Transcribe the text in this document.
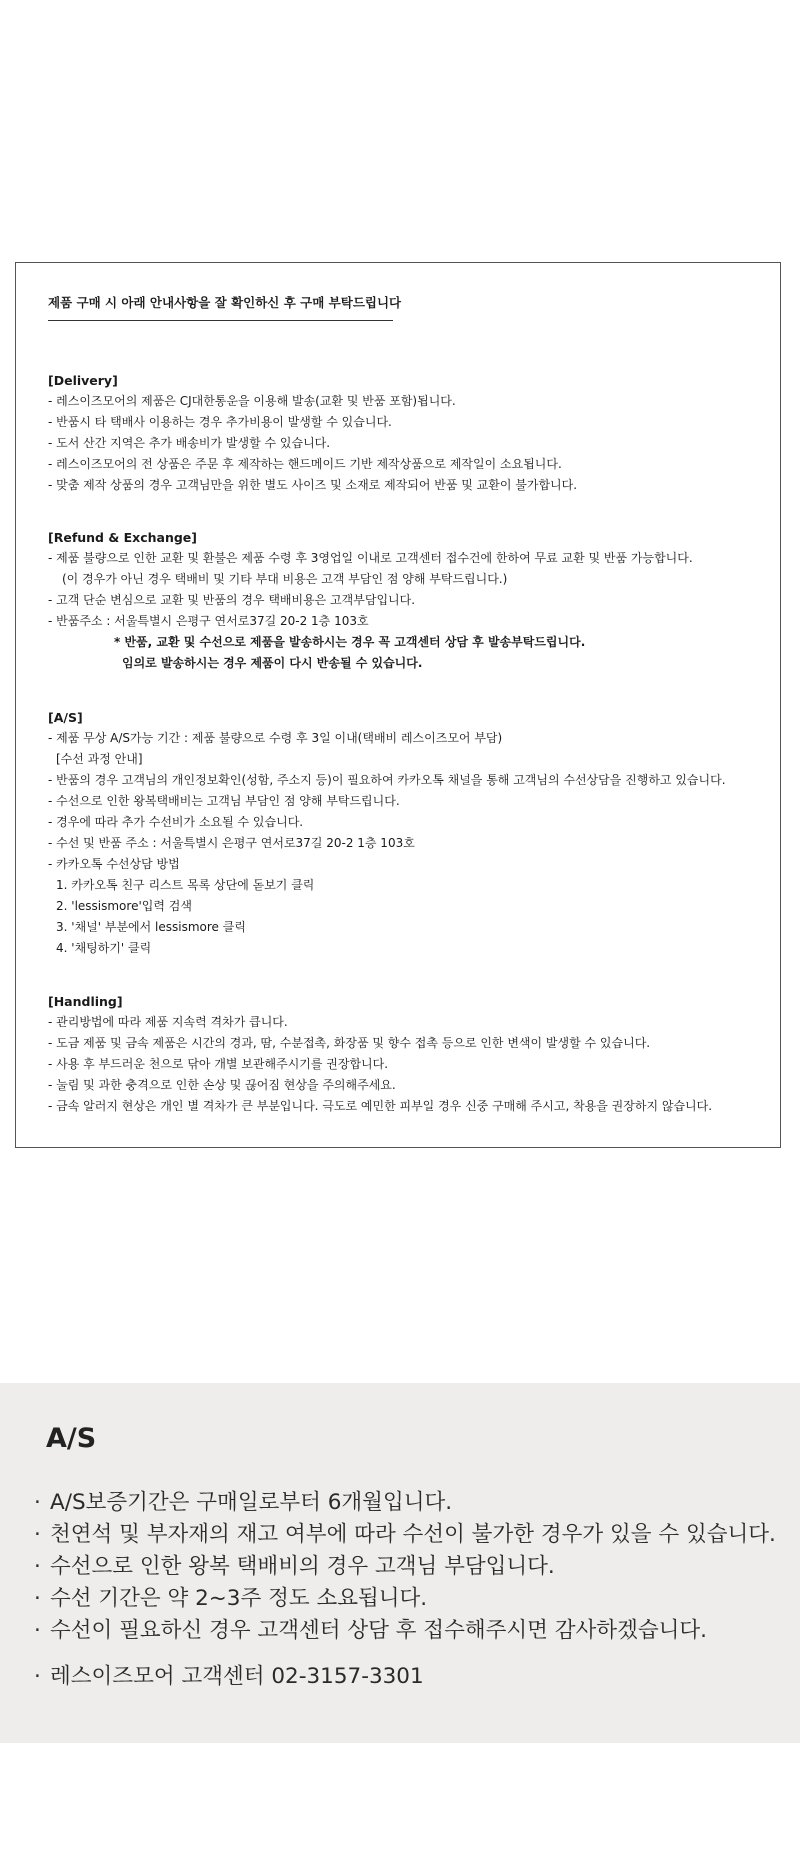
제품 구매 시 아래 안내사항을 잘 확인하신 후 구매 부탁드립니다
[Delivery]
- 레스이즈모어의 제품은 CJ대한통운을 이용해 발송(교환 및 반품 포함)됩니다.
- 반품시 타 택배사 이용하는 경우 추가비용이 발생할 수 있습니다.
- 도서 산간 지역은 추가 배송비가 발생할 수 있습니다.
- 레스이즈모어의 전 상품은 주문 후 제작하는 핸드메이드 기반 제작상품으로 제작일이 소요됩니다.
- 맞춤 제작 상품의 경우 고객님만을 위한 별도 사이즈 및 소재로 제작되어 반품 및 교환이 불가합니다.
[Refund & Exchange]
- 제품 불량으로 인한 교환 및 환불은 제품 수령 후 3영업일 이내로 고객센터 접수건에 한하여 무료 교환 및 반품 가능합니다.
(이 경우가 아닌 경우 택배비 및 기타 부대 비용은 고객 부담인 점 양해 부탁드립니다.)
- 고객 단순 변심으로 교환 및 반품의 경우 택배비용은 고객부담입니다.
- 반품주소 : 서울특별시 은평구 연서로37길 20-2 1층 103호
* 반품, 교환 및 수선으로 제품을 발송하시는 경우 꼭 고객센터 상담 후 발송부탁드립니다.
임의로 발송하시는 경우 제품이 다시 반송될 수 있습니다.
[A/S]
- 제품 무상 A/S가능 기간 : 제품 불량으로 수령 후 3일 이내(택배비 레스이즈모어 부담)
[수선 과정 안내]
- 반품의 경우 고객님의 개인정보확인(성함, 주소지 등)이 필요하여 카카오톡 채널을 통해 고객님의 수선상담을 진행하고 있습니다.
- 수선으로 인한 왕복택배비는 고객님 부담인 점 양해 부탁드립니다.
- 경우에 따라 추가 수선비가 소요될 수 있습니다.
- 수선 및 반품 주소 : 서울특별시 은평구 연서로37길 20-2 1층 103호
- 카카오톡 수선상담 방법
1. 카카오톡 친구 리스트 목록 상단에 돋보기 클릭
2. 'lessismore'입력 검색
3. '채널' 부분에서 lessismore 클릭
4. '채팅하기' 클릭
[Handling]
- 관리방법에 따라 제품 지속력 격차가 큽니다.
- 도금 제품 및 금속 제품은 시간의 경과, 땀, 수분접촉, 화장품 및 향수 접촉 등으로 인한 변색이 발생할 수 있습니다.
- 사용 후 부드러운 천으로 닦아 개별 보관해주시기를 권장합니다.
- 눌림 및 과한 충격으로 인한 손상 및 끊어짐 현상을 주의해주세요.
- 금속 알러지 현상은 개인 별 격차가 큰 부분입니다. 극도로 예민한 피부일 경우 신중 구매해 주시고, 착용을 권장하지 않습니다.
A/S
· A/S보증기간은 구매일로부터 6개월입니다.
· 천연석 및 부자재의 재고 여부에 따라 수선이 불가한 경우가 있을 수 있습니다.
· 수선으로 인한 왕복 택배비의 경우 고객님 부담입니다.
· 수선 기간은 약 2~3주 정도 소요됩니다.
· 수선이 필요하신 경우 고객센터 상담 후 접수해주시면 감사하겠습니다.
· 레스이즈모어 고객센터 02-3157-3301
